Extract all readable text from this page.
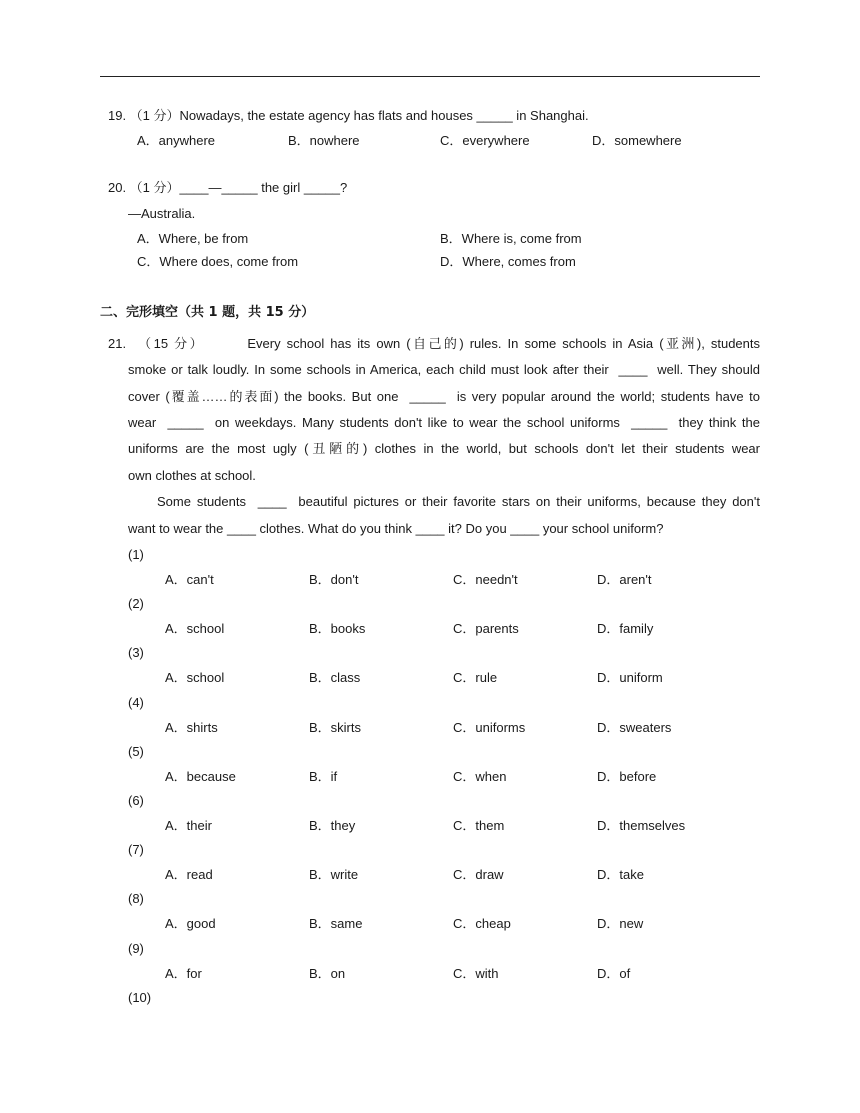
19. （1 分）Nowadays, the estate agency has flats and houses _____ in Shanghai.
A．anywhere	B．nowhere	C．everywhere	D．somewhere
20. （1 分）____—_____ the girl _____?
—Australia.
A．Where, be from	B．Where is, come from
C．Where does, come from	D．Where, comes from
二、完形填空（共 1 题，共 15 分）
21.  （15 分）       Every school has its own (自己的) rules. In some schools in Asia (亚洲), students
smoke or talk loudly. In some schools in America, each child must look after their  ____  well. They should
cover (覆盖……的表面) the books. But one  _____  is very popular around the world; students have to
wear  _____  on weekdays. Many students don't like to wear the school uniforms  _____  they think the
uniforms are the most ugly (丑陋的) clothes in the world, but schools don't let their students wear
own clothes at school.
Some students  ____  beautiful pictures or their favorite stars on their uniforms, because they don't
want to wear the ____ clothes. What do you think ____ it? Do you ____ your school uniform?
(1)
A．can't	B．don't	C．needn't	D．aren't
(2)
A．school	B．books	C．parents	D．family
(3)
A．school	B．class	C．rule	D．uniform
(4)
A．shirts	B．skirts	C．uniforms	D．sweaters
(5)
A．because	B．if	C．when	D．before
(6)
A．their	B．they	C．them	D．themselves
(7)
A．read	B．write	C．draw	D．take
(8)
A．good	B．same	C．cheap	D．new
(9)
A．for	B．on	C．with	D．of
(10)
